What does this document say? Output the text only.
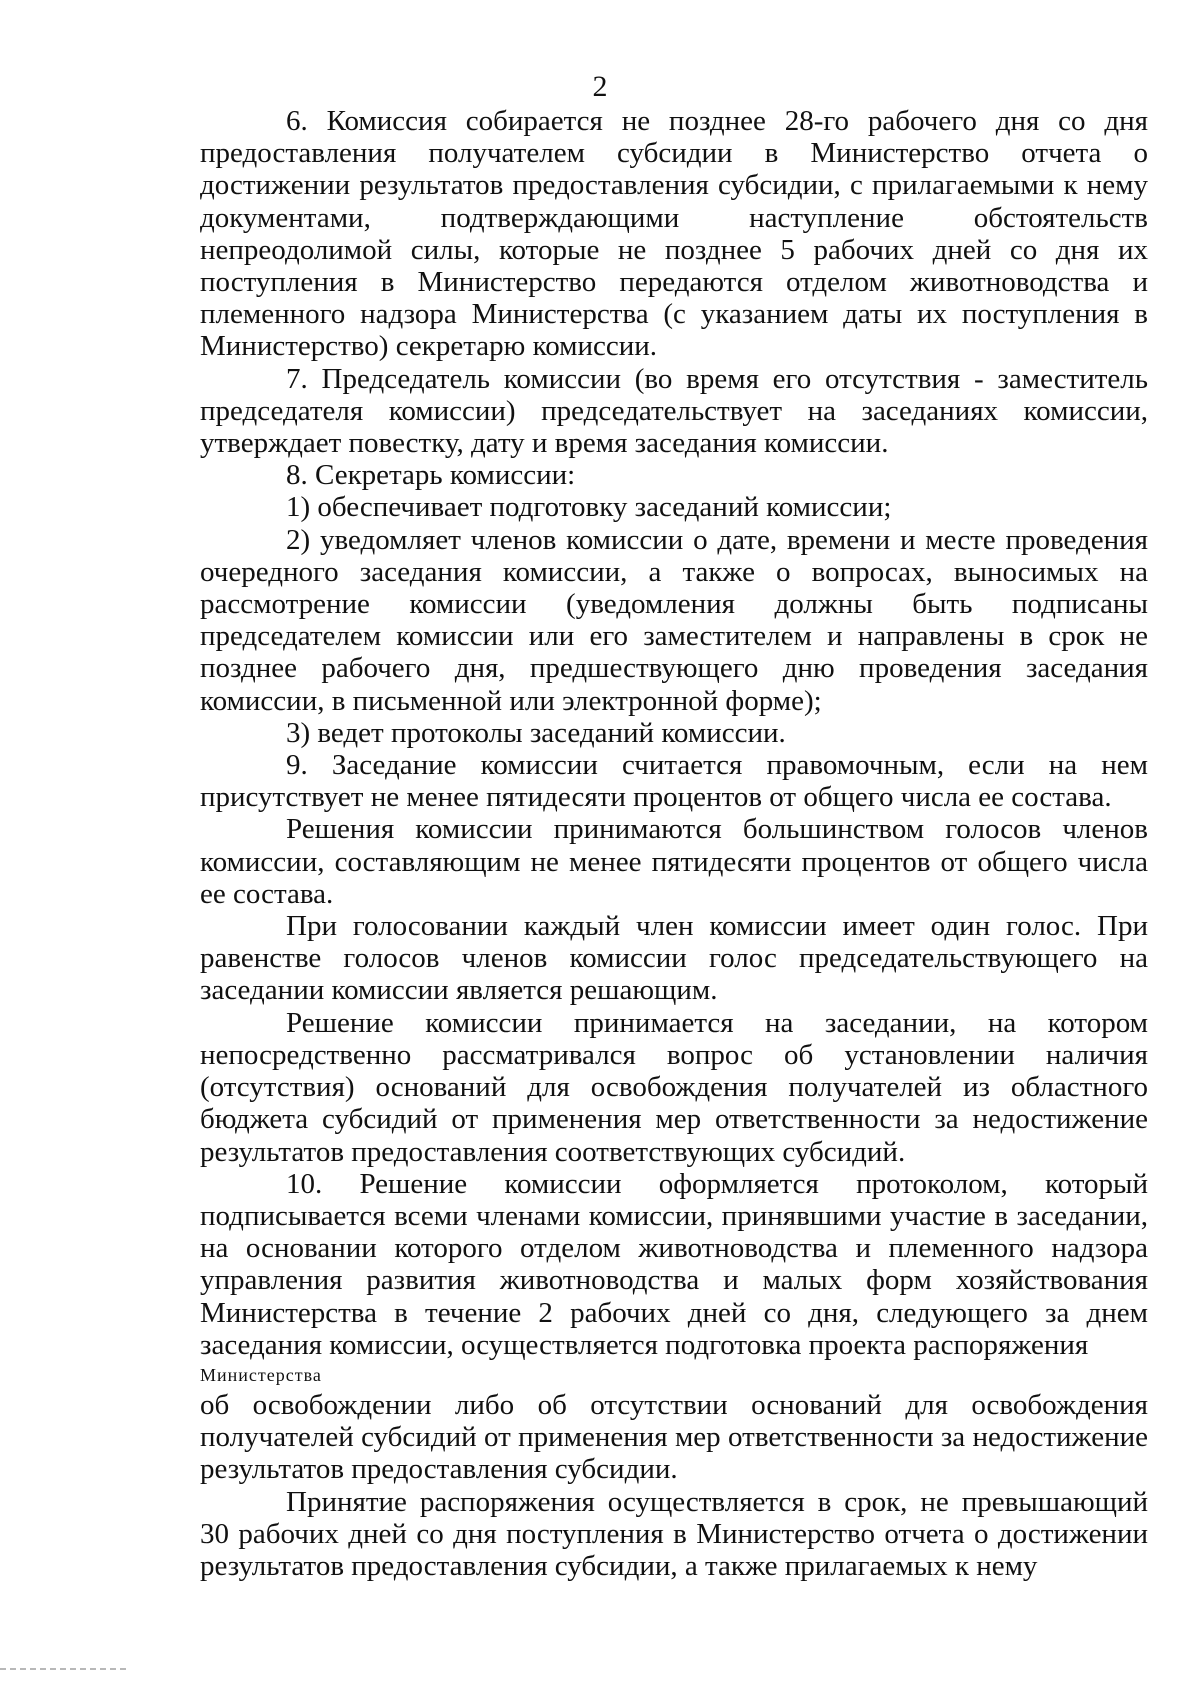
2

6. Комиссия собирается не позднее 28-го рабочего дня со дня предоставления получателем субсидии в Министерство отчета о достижении результатов предоставления субсидии, с прилагаемыми к нему документами, подтверждающими наступление обстоятельств непреодолимой силы, которые не позднее 5 рабочих дней со дня их поступления в Министерство передаются отделом животноводства и племенного надзора Министерства (с указанием даты их поступления в Министерство) секретарю комиссии.

7. Председатель комиссии (во время его отсутствия - заместитель председателя комиссии) председательствует на заседаниях комиссии, утверждает повестку, дату и время заседания комиссии.

8. Секретарь комиссии:

1) обеспечивает подготовку заседаний комиссии;

2) уведомляет членов комиссии о дате, времени и месте проведения очередного заседания комиссии, а также о вопросах, выносимых на рассмотрение комиссии (уведомления должны быть подписаны председателем комиссии или его заместителем и направлены в срок не позднее рабочего дня, предшествующего дню проведения заседания комиссии, в письменной или электронной форме);

3) ведет протоколы заседаний комиссии.

9. Заседание комиссии считается правомочным, если на нем присутствует не менее пятидесяти процентов от общего числа ее состава.

Решения комиссии принимаются большинством голосов членов комиссии, составляющим не менее пятидесяти процентов от общего числа ее состава.

При голосовании каждый член комиссии имеет один голос. При равенстве голосов членов комиссии голос председательствующего на заседании комиссии является решающим.

Решение комиссии принимается на заседании, на котором непосредственно рассматривался вопрос об установлении наличия (отсутствия) оснований для освобождения получателей из областного бюджета субсидий от применения мер ответственности за недостижение результатов предоставления соответствующих субсидий.

10. Решение комиссии оформляется протоколом, который подписывается всеми членами комиссии, принявшими участие в заседании, на основании которого отделом животноводства и племенного надзора управления развития животноводства и малых форм хозяйствования Министерства в течение 2 рабочих дней со дня, следующего за днем заседания комиссии, осуществляется подготовка проекта распоряжения

Министерства

об освобождении либо об отсутствии оснований для освобождения получателей субсидий от применения мер ответственности за недостижение результатов предоставления субсидии.

Принятие распоряжения осуществляется в срок, не превышающий 30 рабочих дней со дня поступления в Министерство отчета о достижении результатов предоставления субсидии, а также прилагаемых к нему
